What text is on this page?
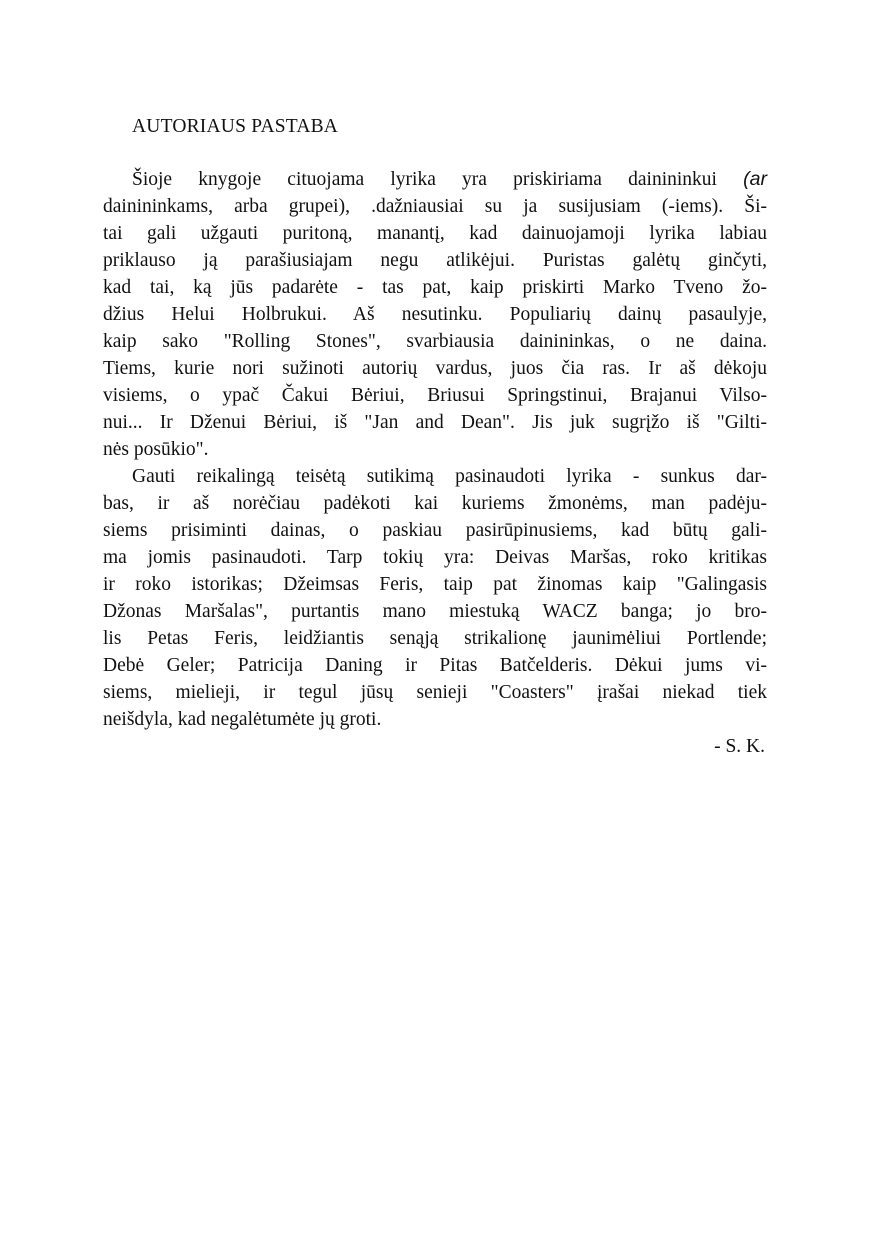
AUTORIAUS PASTABA

Šioje knygoje cituojama lyrika yra priskiriama dainininkui (ar
dainininkams, arba grupei), .dažniausiai su ja susijusiam (-iems). Ši-
tai gali užgauti puritoną, manantį, kad dainuojamoji lyrika labiau
priklauso ją parašiusiajam negu atlikėjui. Puristas galėtų ginčyti,
kad tai, ką jūs padarėte - tas pat, kaip priskirti Marko Tveno žo-
džius Helui Holbrukui. Aš nesutinku. Populiarių dainų pasaulyje,
kaip sako "Rolling Stones", svarbiausia dainininkas, o ne daina.
Tiems, kurie nori sužinoti autorių vardus, juos čia ras. Ir aš dėkoju
visiems, o ypač Čakui Bėriui, Briusui Springstinui, Brajanui Vilso-
nui... Ir Dženui Bėriui, iš "Jan and Dean". Jis juk sugrįžo iš "Gilti-
nės posūkio".

Gauti reikalingą teisėtą sutikimą pasinaudoti lyrika - sunkus dar-
bas, ir aš norėčiau padėkoti kai kuriems žmonėms, man padėju-
siems prisiminti dainas, o paskiau pasirūpinusiems, kad būtų gali-
ma jomis pasinaudoti. Tarp tokių yra: Deivas Maršas, roko kritikas
ir roko istorikas; Džeimsas Feris, taip pat žinomas kaip "Galingasis
Džonas Maršalas", purtantis mano miestuką WACZ banga; jo bro-
lis Petas Feris, leidžiantis senąją strikalionę jaunimėliui Portlende;
Debė Geler; Patricija Daning ir Pitas Batčelderis. Dėkui jums vi-
siems, mielieji, ir tegul jūsų senieji "Coasters" įrašai niekad tiek
neišdyla, kad negalėtumėte jų groti.

- S. K.
